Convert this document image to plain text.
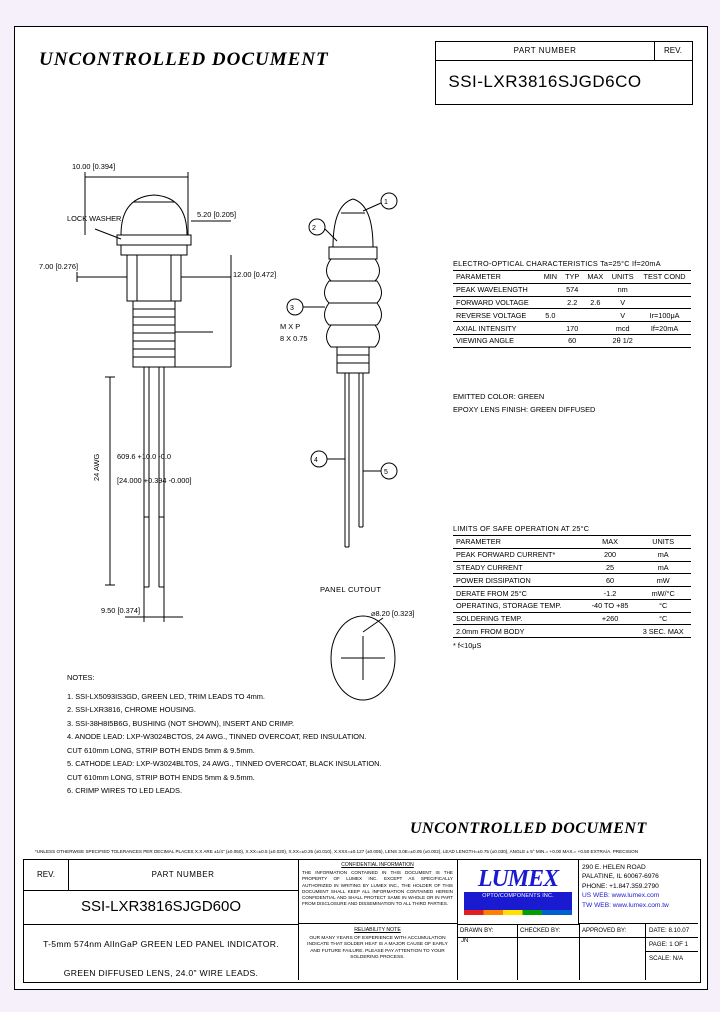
UNCONTROLLED DOCUMENT	PART NUMBER	REV.
SSI-LXR3816SJGD6CO
10.00 [0.394]
LOCK WASHER
7.00 [0.276]
5.20 [0.205]
12.00 [0.472]
M X P
8 X 0.75
24 AWG 609.6 +10.0 -0.0
[24.000 +0.394 -0.000]
9.50 [0.374]
1
2
3
4
5
PANEL CUTOUT
⌀8.20 [0.323]
ELECTRO-OPTICAL CHARACTERISTICS Ta=25°C If=20mA
PARAMETER	MIN	TYP	MAX	UNITS	TEST COND
PEAK WAVELENGTH		574		nm	
FORWARD VOLTAGE		2.2	2.6	V	
REVERSE VOLTAGE	5.0			V	Ir=100μA
AXIAL INTENSITY		170		mcd	If=20mA
VIEWING ANGLE		60		2θ 1/2	
EMITTED COLOR: GREEN
EPOXY LENS FINISH: GREEN DIFFUSED
LIMITS OF SAFE OPERATION AT 25°C
PARAMETER	MAX	UNITS
PEAK FORWARD CURRENT*	200	mA
STEADY CURRENT	25	mA
POWER DISSIPATION	60	mW
DERATE FROM 25°C	-1.2	mW/°C
OPERATING, STORAGE TEMP.	-40 TO +85	°C
SOLDERING TEMP.	+260	°C
2.0mm FROM BODY		3 SEC. MAX
* f<10μS
NOTES:
1. SSI-LX5093IS3GD, GREEN LED, TRIM LEADS TO 4mm.
2. SSI-LXR3816, CHROME HOUSING.
3. SSI-38H8I5B6G, BUSHING (NOT SHOWN), INSERT AND CRIMP.
4. ANODE LEAD: LXP-W3024BCTOS, 24 AWG., TINNED OVERCOAT, RED INSULATION.
CUT 610mm LONG, STRIP BOTH ENDS 5mm & 9.5mm.
5. CATHODE LEAD: LXP-W3024BLT0S, 24 AWG., TINNED OVERCOAT, BLACK INSULATION.
CUT 610mm LONG, STRIP BOTH ENDS 5mm & 9.5mm.
6. CRIMP WIRES TO LED LEADS.
UNCONTROLLED DOCUMENT
*UNLESS OTHERWISE SPECIFIED TOLERANCES PER DECIMAL PLACES X.X ARE ±1/4" (±0.050), X.XX=±0.5 (±0.020), X.XX=±0.25 (±0.010), X.XXX=±0.127 (±0.005), LENS 3.0E=±0.05 (±0.002), LEAD LENGTH=±0.75 (±0.030), ANGLE ± 5° MIN.= +0.00 MAX.= +0.50 EXTRA/A. PRECISION
REV.	PART NUMBER
SSI-LXR3816SJGD60O
T-5mm 574nm AlInGaP GREEN LED PANEL INDICATOR.
GREEN DIFFUSED LENS, 24.0" WIRE LEADS.
CONFIDENTIAL INFORMATION
THE INFORMATION CONTAINED IN THIS DOCUMENT IS THE PROPERTY OF LUMEX INC. EXCEPT AS SPECIFICALLY AUTHORIZED IN WRITING BY LUMEX INC., THE HOLDER OF THIS DOCUMENT SHALL KEEP ALL INFORMATION CONTAINED HEREIN CONFIDENTIAL AND SHALL PROTECT SAME IN WHOLE OR IN PART FROM DISCLOSURE AND DISSEMINATION TO ALL THIRD PARTIES.
RELIABILITY NOTE
OUR MANY YEARS OF EXPERIENCE WITH ACCUMULATION INDICATE THAT SOLDER HEAT IS A MAJOR CAUSE OF EARLY AND FUTURE FAILURE. PLEASE PAY ATTENTION TO YOUR SOLDERING PROCESS.
LUMEX
OPTO/COMPONENTS INC.
290 E. HELEN ROAD
PALATINE, IL 60067-6976
PHONE: +1.847.359.2790
US WEB: www.lumex.com
TW WEB: www.lumex.com.tw
DRAWN BY:	CHECKED BY:	APPROVED BY:	DATE: 8.10.07
JN	PAGE: 1 OF 1
SCALE: N/A
